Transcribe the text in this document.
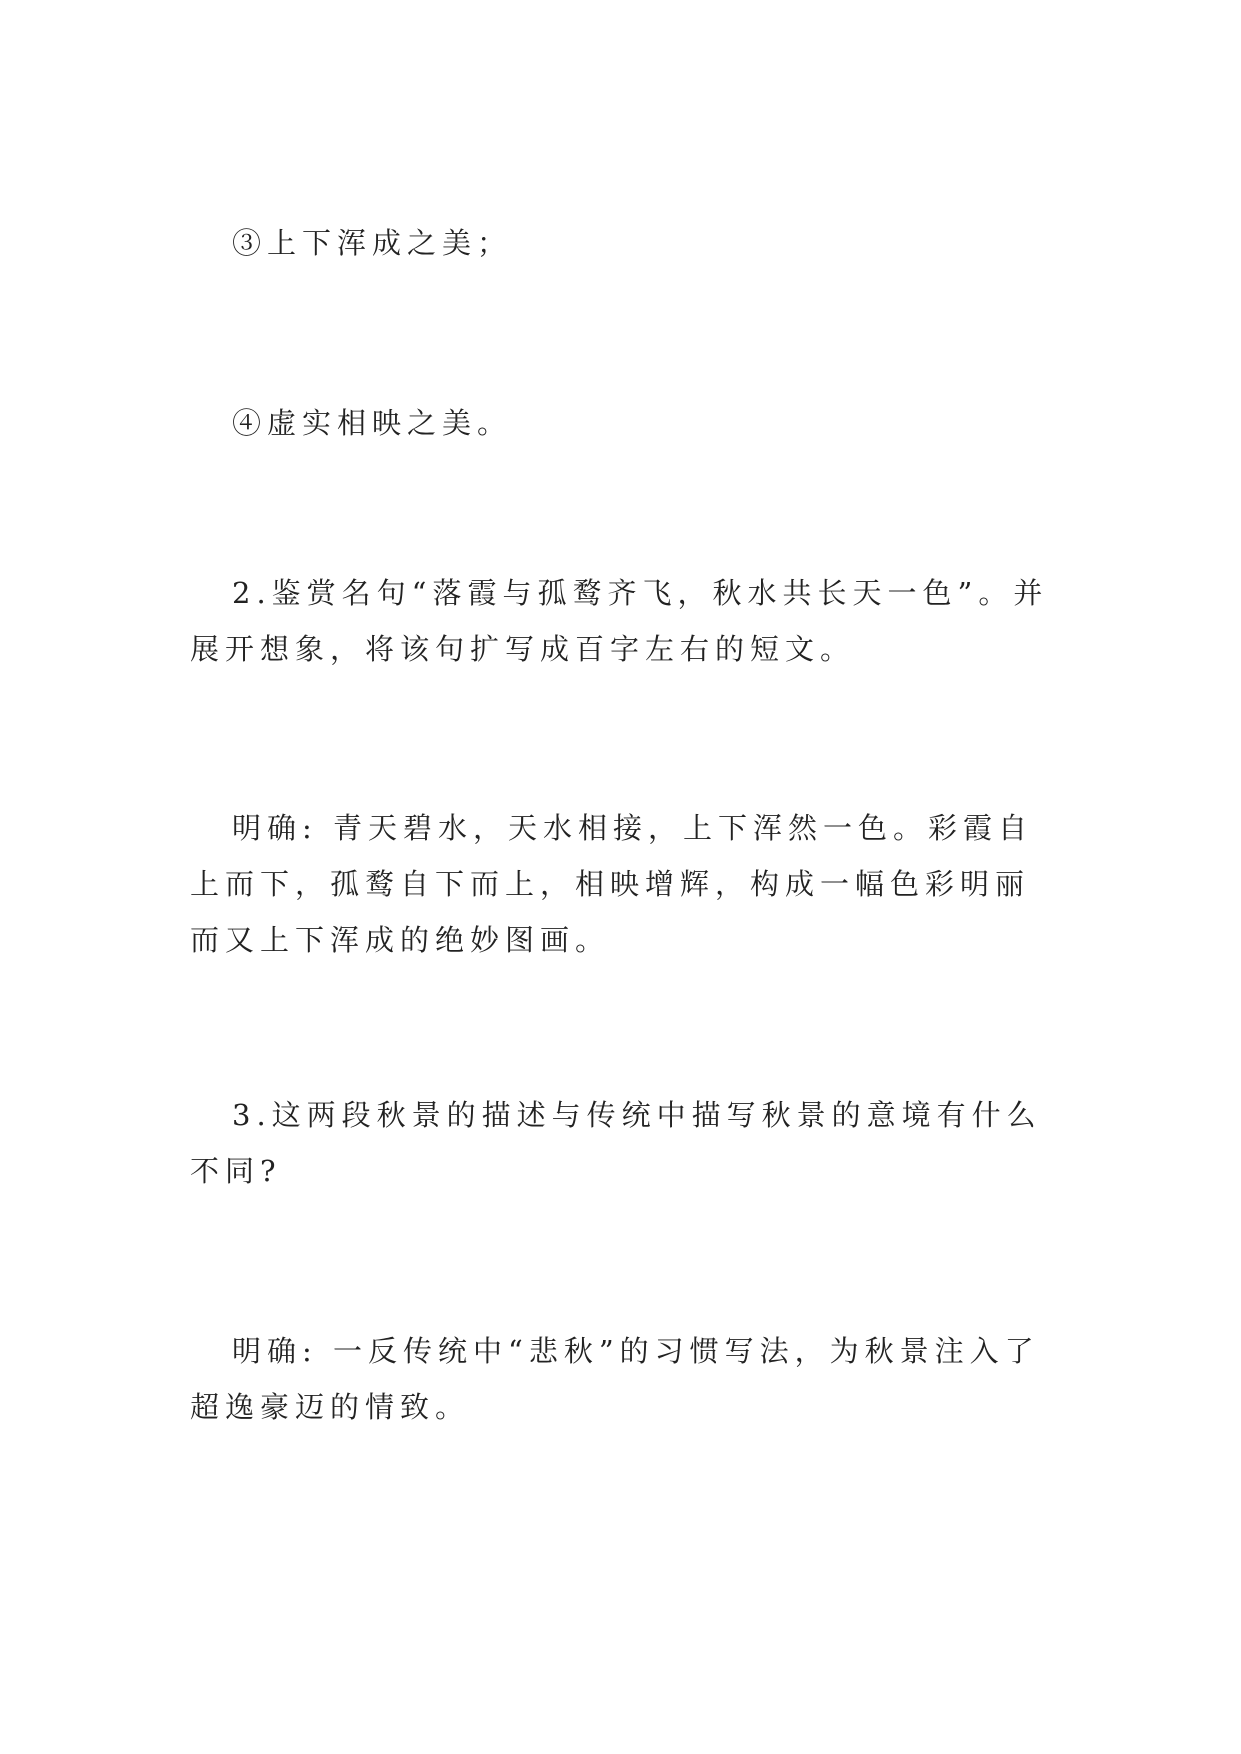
③上下浑成之美；

④虚实相映之美。

2.鉴赏名句“落霞与孤鹜齐飞，秋水共长天一色”。并展开想象，将该句扩写成百字左右的短文。

明确: 青天碧水，天水相接，上下浑然一色。彩霞自上而下，孤鹜自下而上，相映增辉，构成一幅色彩明丽而又上下浑成的绝妙图画。

3.这两段秋景的描述与传统中描写秋景的意境有什么不同?

明确: 一反传统中“悲秋”的习惯写法，为秋景注入了超逸豪迈的情致。
